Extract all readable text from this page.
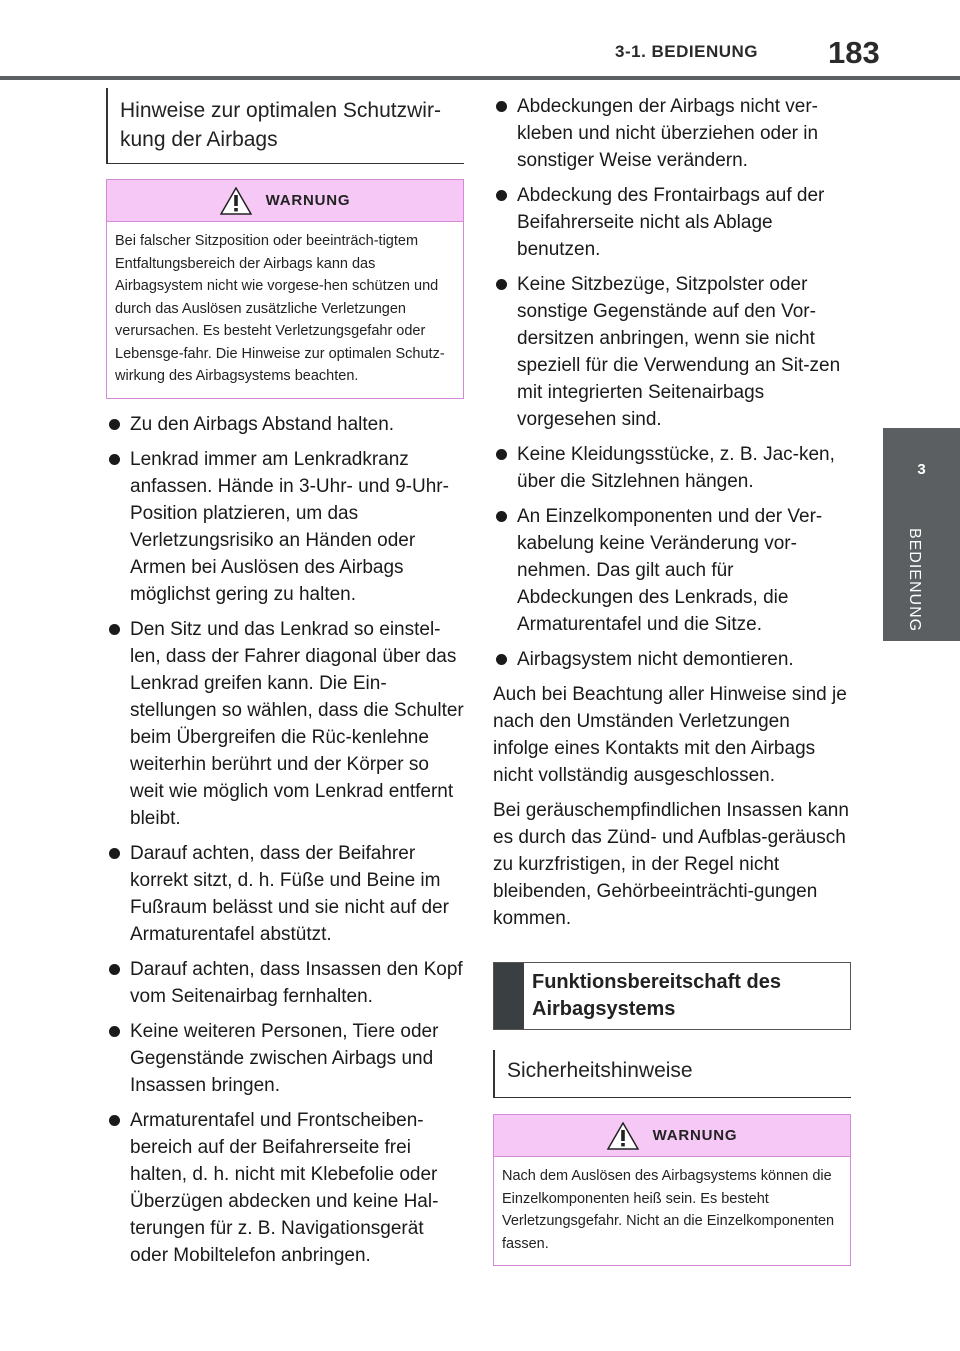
3-1. BEDIENUNG 183
3
BEDIENUNG
Hinweise zur optimalen Schutzwir-kung der Airbags
WARNUNG
Bei falscher Sitzposition oder beeinträch-tigtem Entfaltungsbereich der Airbags kann das Airbagsystem nicht wie vorgese-hen schützen und durch das Auslösen zusätzliche Verletzungen verursachen. Es besteht Verletzungsgefahr oder Lebensge-fahr. Die Hinweise zur optimalen Schutz-wirkung des Airbagsystems beachten.
Zu den Airbags Abstand halten.
Lenkrad immer am Lenkradkranz anfassen. Hände in 3-Uhr- und 9-Uhr-Position platzieren, um das Verletzungsrisiko an Händen oder Armen bei Auslösen des Airbags möglichst gering zu halten.
Den Sitz und das Lenkrad so einstel-len, dass der Fahrer diagonal über das Lenkrad greifen kann. Die Ein-stellungen so wählen, dass die Schulter beim Übergreifen die Rüc-kenlehne weiterhin berührt und der Körper so weit wie möglich vom Lenkrad entfernt bleibt.
Darauf achten, dass der Beifahrer korrekt sitzt, d. h. Füße und Beine im Fußraum belässt und sie nicht auf der Armaturentafel abstützt.
Darauf achten, dass Insassen den Kopf vom Seitenairbag fernhalten.
Keine weiteren Personen, Tiere oder Gegenstände zwischen Airbags und Insassen bringen.
Armaturentafel und Frontscheiben-bereich auf der Beifahrerseite frei halten, d. h. nicht mit Klebefolie oder Überzügen abdecken und keine Hal-terungen für z. B. Navigationsgerät oder Mobiltelefon anbringen.
Abdeckungen der Airbags nicht ver-kleben und nicht überziehen oder in sonstiger Weise verändern.
Abdeckung des Frontairbags auf der Beifahrerseite nicht als Ablage benutzen.
Keine Sitzbezüge, Sitzpolster oder sonstige Gegenstände auf den Vor-dersitzen anbringen, wenn sie nicht speziell für die Verwendung an Sit-zen mit integrierten Seitenairbags vorgesehen sind.
Keine Kleidungsstücke, z. B. Jac-ken, über die Sitzlehnen hängen.
An Einzelkomponenten und der Ver-kabelung keine Veränderung vor-nehmen. Das gilt auch für Abdeckungen des Lenkrads, die Armaturentafel und die Sitze.
Airbagsystem nicht demontieren.

Auch bei Beachtung aller Hinweise sind je nach den Umständen Verletzungen infolge eines Kontakts mit den Airbags nicht vollständig ausgeschlossen.

Bei geräuschempfindlichen Insassen kann es durch das Zünd- und Aufblas-geräusch zu kurzfristigen, in der Regel nicht bleibenden, Gehörbeeinträchti-gungen kommen.

Funktionsbereitschaft des Airbagsystems
Sicherheitshinweise
WARNUNG
Nach dem Auslösen des Airbagsystems können die Einzelkomponenten heiß sein. Es besteht Verletzungsgefahr. Nicht an die Einzelkomponenten fassen.
